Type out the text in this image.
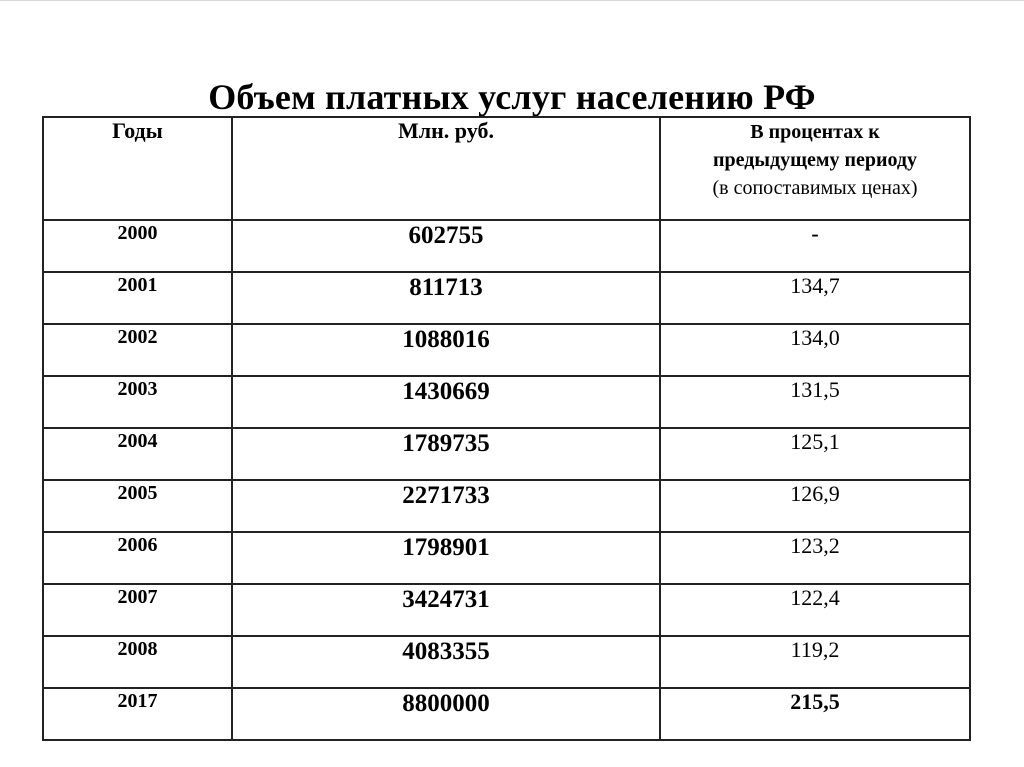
Объем платных услуг населению РФ
Годы	Млн. руб.	В процентах к
предыдущему периоду
(в сопоставимых ценах)

2000	602755	-
2001	811713	134,7
2002	1088016	134,0
2003	1430669	131,5
2004	1789735	125,1
2005	2271733	126,9
2006	1798901	123,2
2007	3424731	122,4
2008	4083355	119,2
2017	8800000	215,5
